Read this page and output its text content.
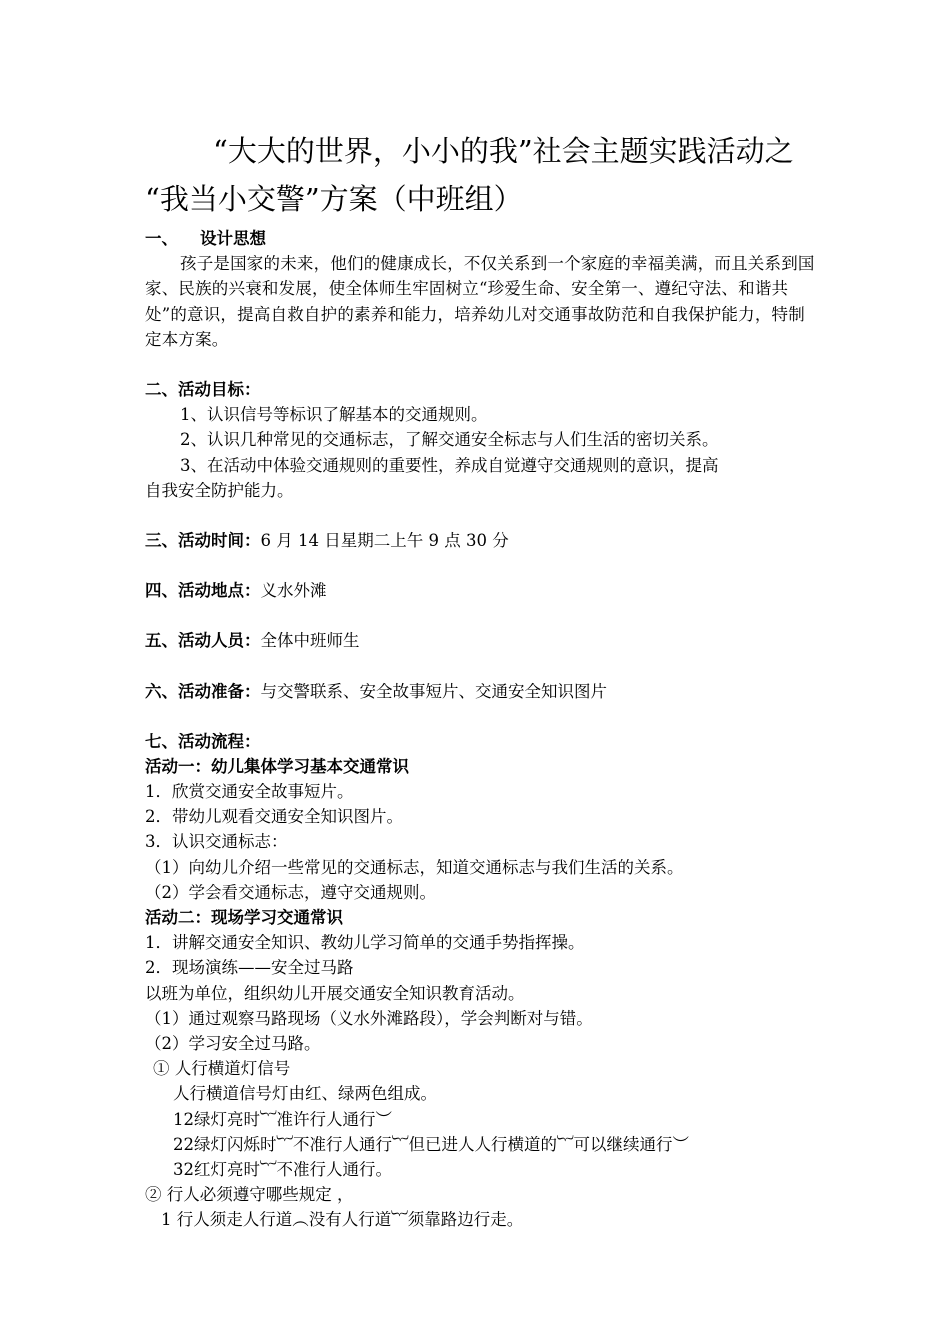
“大大的世界，小小的我”社会主题实践活动之
“我当小交警”方案（中班组）
一、 设计思想
孩子是国家的未来，他们的健康成长，不仅关系到一个家庭的幸福美满，而且关系到国家、民族的兴衰和发展，使全体师生牢固树立“珍爱生命、安全第一、遵纪守法、和谐共处”的意识，提高自救自护的素养和能力，培养幼儿对交通事故防范和自我保护能力，特制定本方案。
二、活动目标：
1、认识信号等标识了解基本的交通规则。
2、认识几种常见的交通标志，了解交通安全标志与人们生活的密切关系。
3、在活动中体验交通规则的重要性，养成自觉遵守交通规则的意识，提高
自我安全防护能力。
三、活动时间：6 月 14 日星期二上午 9 点 30 分
四、活动地点：义水外滩
五、活动人员：全体中班师生
六、活动准备：与交警联系、安全故事短片、交通安全知识图片
七、活动流程：
活动一：幼儿集体学习基本交通常识
1．欣赏交通安全故事短片。
2．带幼儿观看交通安全知识图片。
3．认识交通标志：
（1）向幼儿介绍一些常见的交通标志，知道交通标志与我们生活的关系。
（2）学会看交通标志，遵守交通规则。
活动二：现场学习交通常识
1．讲解交通安全知识、教幼儿学习简单的交通手势指挥操。
2．现场演练——安全过马路
以班为单位，组织幼儿开展交通安全知识教育活动。
（1）通过观察马路现场（义水外滩路段），学会判断对与错。
（2）学习安全过马路。
① 人行横道灯信号
人行横道信号灯由红、绿两色组成。
12绿灯亮时︸准许行人通行︶
22绿灯闪烁时︸不准行人通行︸但已进人人行横道的︸可以继续通行︶
32红灯亮时︸不准行人通行。
② 行人必须遵守哪些规定 ，
1 行人须走人行道︵没有人行道︸须靠路边行走。
